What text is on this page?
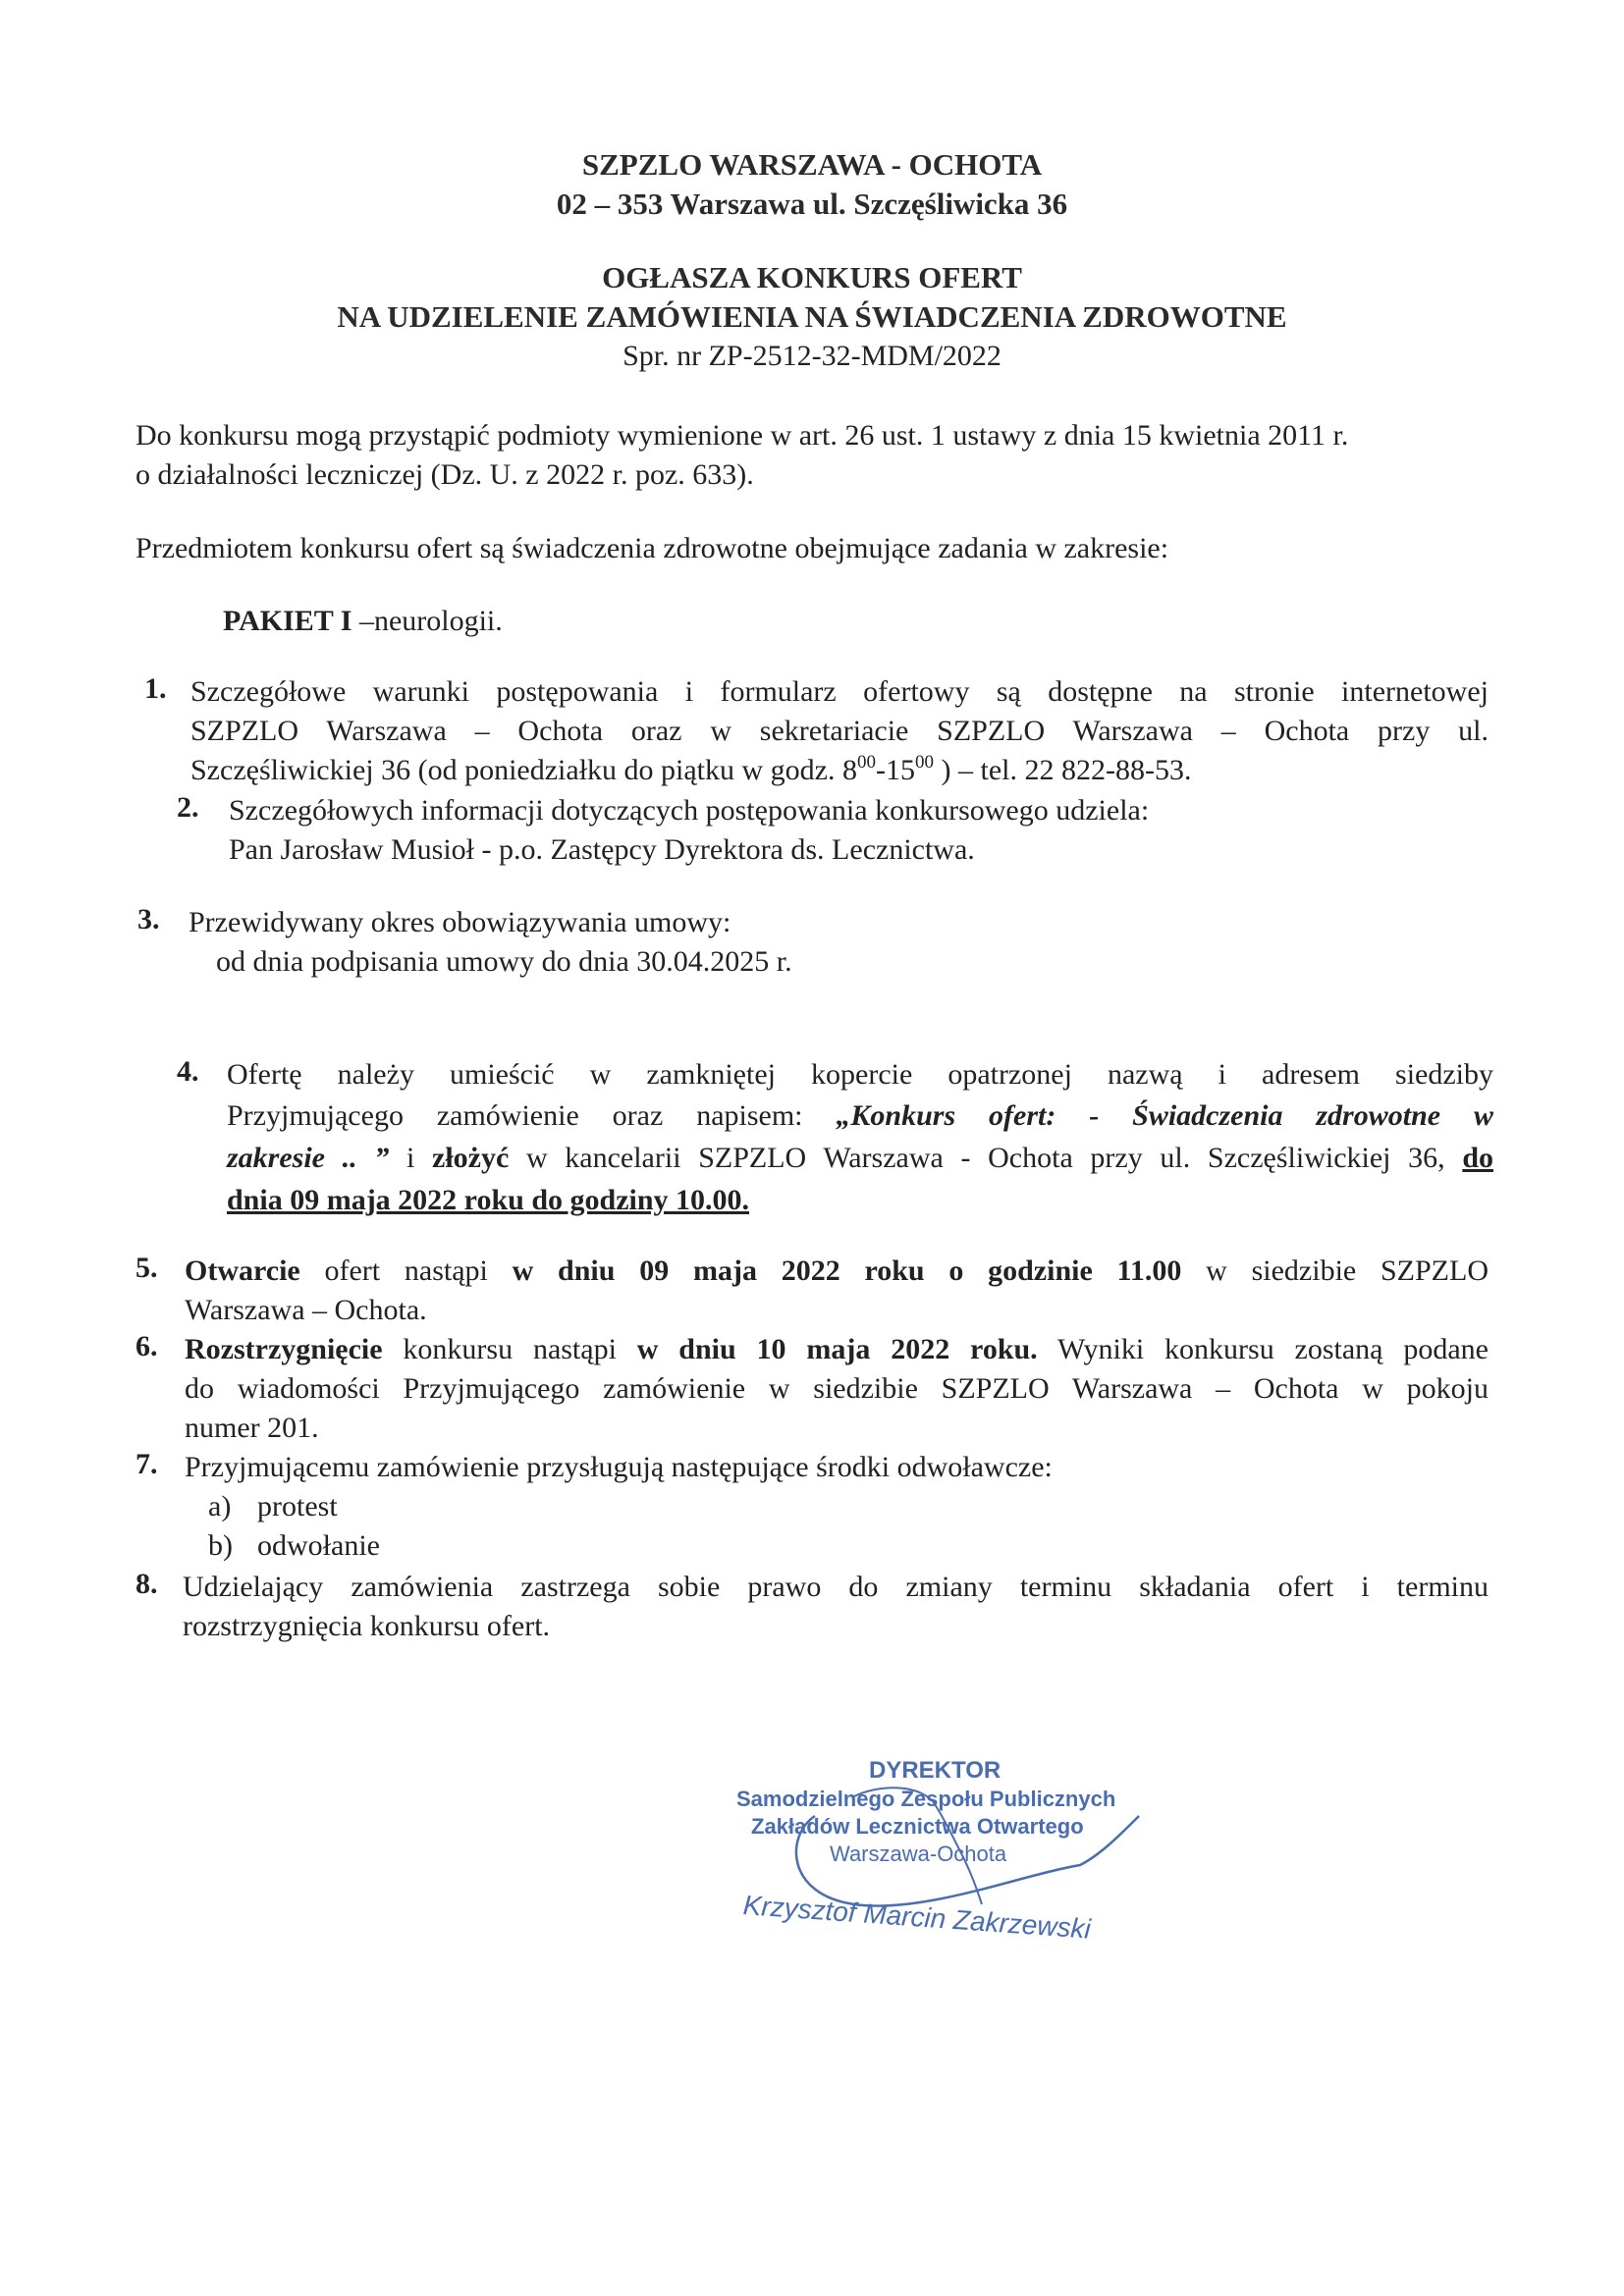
SZPZLO WARSZAWA - OCHOTA
02 – 353 Warszawa ul. Szczęśliwicka 36
OGŁASZA KONKURS OFERT
NA UDZIELENIE ZAMÓWIENIA NA ŚWIADCZENIA ZDROWOTNE
Spr. nr ZP-2512-32-MDM/2022
Do konkursu mogą przystąpić podmioty wymienione w art. 26 ust. 1 ustawy z dnia 15 kwietnia 2011 r.
o działalności leczniczej (Dz. U. z 2022 r. poz. 633).
Przedmiotem konkursu ofert są świadczenia zdrowotne obejmujące zadania w zakresie:
PAKIET I –neurologii.
1. Szczegółowe warunki postępowania i formularz ofertowy są dostępne na stronie internetowej
SZPZLO Warszawa – Ochota oraz w sekretariacie SZPZLO Warszawa – Ochota przy ul.
Szczęśliwickiej 36 (od poniedziałku do piątku w godz. $8^{00}-15^{00}$ ) – tel. 22 822-88-53.
2. Szczegółowych informacji dotyczących postępowania konkursowego udziela:
Pan Jarosław Musioł - p.o. Zastępcy Dyrektora ds. Lecznictwa.
3. Przewidywany okres obowiązywania umowy:
od dnia podpisania umowy do dnia 30.04.2025 r.
4. Ofertę należy umieścić w zamkniętej kopercie opatrzonej nazwą i adresem siedziby
Przyjmującego zamówienie oraz napisem: „Konkurs ofert: - Świadczenia zdrowotne w
zakresie .. ” i złożyć w kancelarii SZPZLO Warszawa - Ochota przy ul. Szczęśliwickiej 36, do
dnia 09 maja 2022 roku do godziny 10.00.
5. Otwarcie ofert nastąpi w dniu 09 maja 2022 roku o godzinie 11.00 w siedzibie SZPZLO
Warszawa – Ochota.
6. Rozstrzygnięcie konkursu nastąpi w dniu 10 maja 2022 roku. Wyniki konkursu zostaną podane
do wiadomości Przyjmującego zamówienie w siedzibie SZPZLO Warszawa – Ochota w pokoju
numer 201.
7. Przyjmującemu zamówienie przysługują następujące środki odwoławcze:
a) protest
b) odwołanie
8. Udzielający zamówienia zastrzega sobie prawo do zmiany terminu składania ofert i terminu
rozstrzygnięcia konkursu ofert.
DYREKTOR
Samodzielnego Zespołu Publicznych
Zakładów Lecznictwa Otwartego
Warszawa-Ochota
Krzysztof Marcin Zakrzewski
